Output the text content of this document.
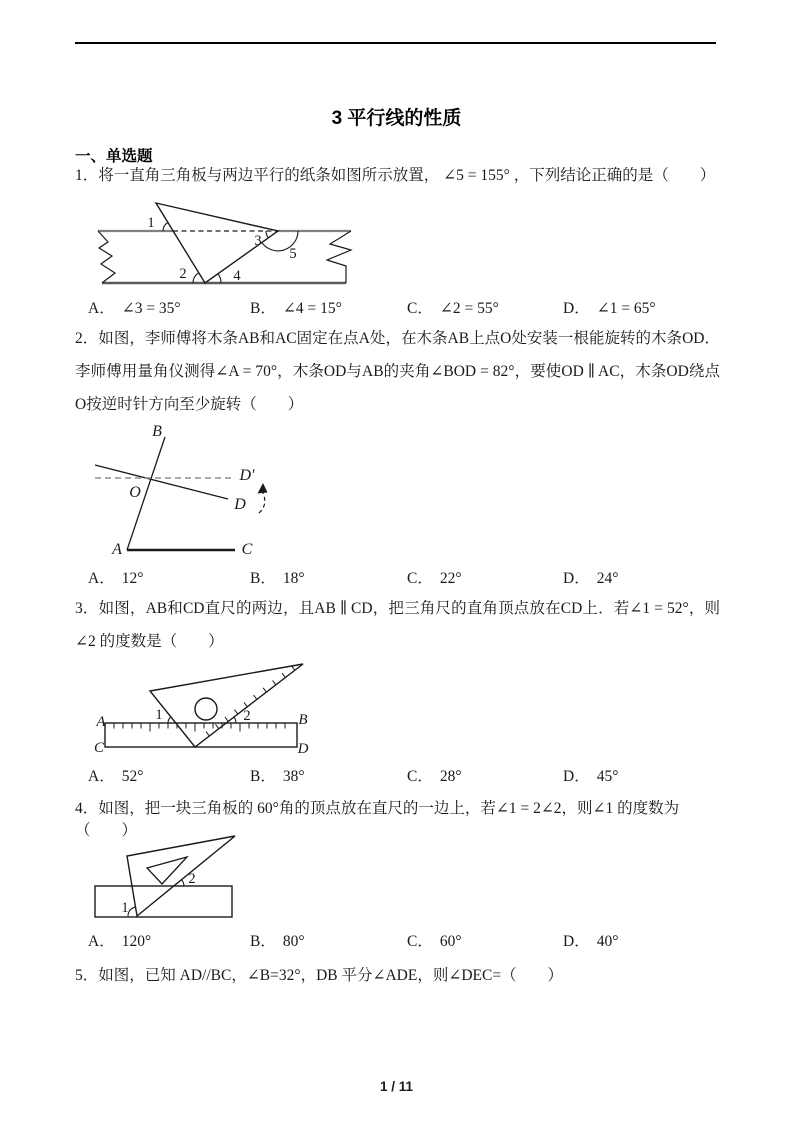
3 平行线的性质
一、单选题
1．将一直角三角板与两边平行的纸条如图所示放置， ∠5 = 155° ，下列结论正确的是（　　）
1
2
3
4
5
A． ∠3 = 35°	B． ∠4 = 15°	C． ∠2 = 55°	D． ∠1 = 65°
2．如图，李师傅将木条AB和AC固定在点A处，在木条AB上点O处安装一根能旋转的木条OD．李师傅用量角仪测得∠A = 70°，木条OD与AB的夹角∠BOD = 82°，要使OD ∥ AC，木条OD绕点O按逆时针方向至少旋转（　　）
B
O
D′
D
A	C
A． 12°	B． 18°	C． 22°	D． 24°
3．如图，AB和CD直尺的两边，且AB ∥ CD，把三角尺的直角顶点放在CD上．若∠1 = 52°，则∠2 的度数是（　　）
A	B
C	D
1	2
A． 52°	B． 38°	C． 28°	D． 45°
4．如图，把一块三角板的 60°角的顶点放在直尺的一边上，若∠1 = 2∠2，则∠1 的度数为（　　）
1
2
A． 120°	B． 80°	C． 60°	D． 40°
5．如图，已知 AD//BC，∠B=32°，DB 平分∠ADE，则∠DEC=（　　）
1 / 11
